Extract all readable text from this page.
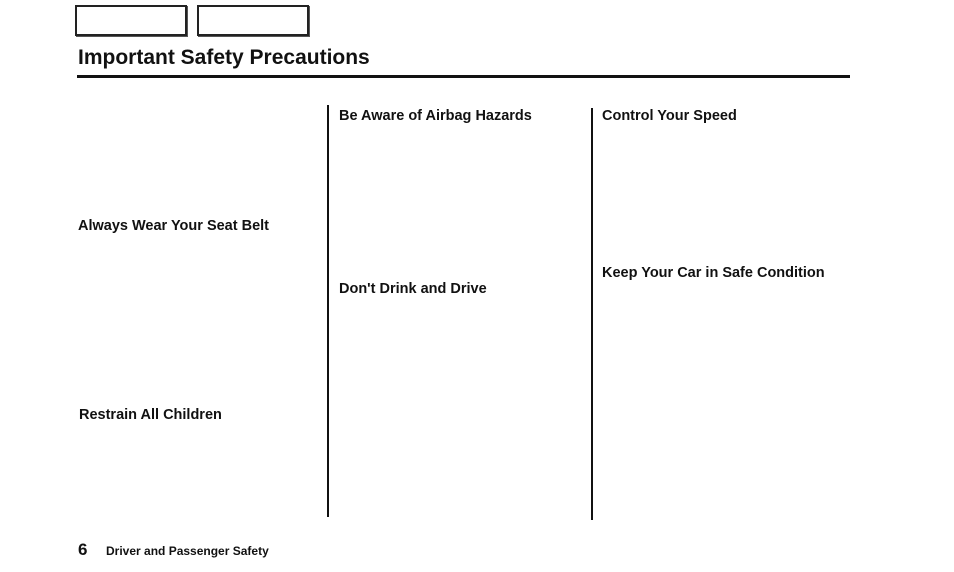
Important Safety Precautions
Always Wear Your Seat Belt
Restrain All Children
Be Aware of Airbag Hazards
Don't Drink and Drive
Control Your Speed
Keep Your Car in Safe Condition
6 Driver and Passenger Safety
